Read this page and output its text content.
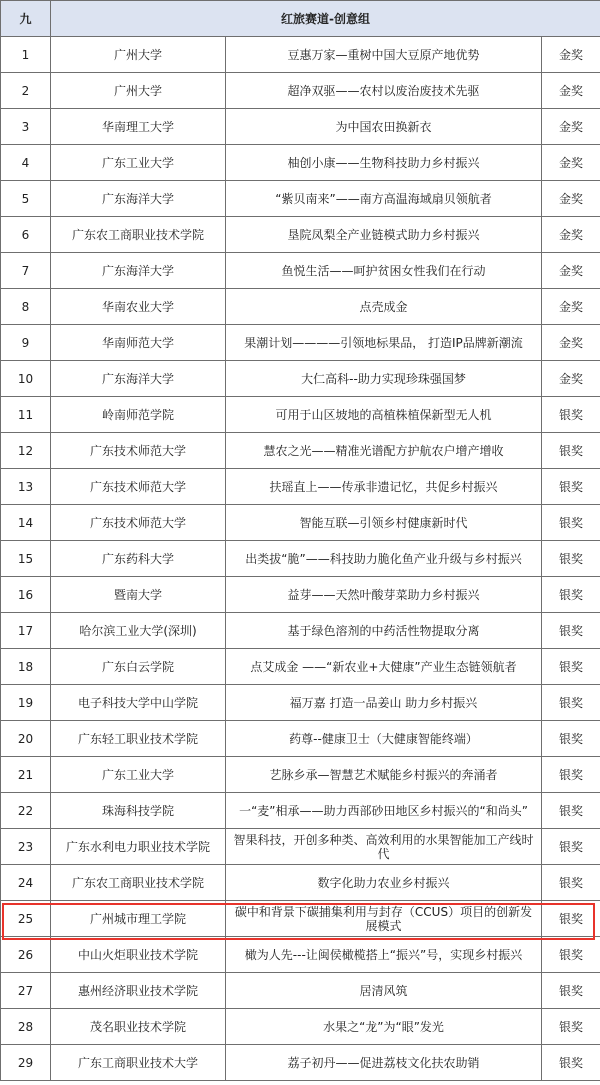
九	红旅赛道-创意组		
1	广州大学	豆惠万家—重树中国大豆原产地优势	金奖
2	广州大学	超净双驱——农村以废治废技术先驱	金奖
3	华南理工大学	为中国农田换新衣	金奖
4	广东工业大学	柚创小康——生物科技助力乡村振兴	金奖
5	广东海洋大学	“紫贝南来”——南方高温海域扇贝领航者	金奖
6	广东农工商职业技术学院	垦院凤梨全产业链模式助力乡村振兴	金奖
7	广东海洋大学	鱼悦生活——呵护贫困女性我们在行动	金奖
8	华南农业大学	点壳成金	金奖
9	华南师范大学	果潮计划————引领地标果品， 打造IP品牌新潮流	金奖
10	广东海洋大学	大仁高科--助力实现珍珠强国梦	金奖
11	岭南师范学院	可用于山区坡地的高植株植保新型无人机	银奖
12	广东技术师范大学	慧农之光——精准光谱配方护航农户增产增收	银奖
13	广东技术师范大学	扶瑶直上——传承非遗记忆，共促乡村振兴	银奖
14	广东技术师范大学	智能互联—引领乡村健康新时代	银奖
15	广东药科大学	出类拔“脆”——科技助力脆化鱼产业升级与乡村振兴	银奖
16	暨南大学	益芽——天然叶酸芽菜助力乡村振兴	银奖
17	哈尔滨工业大学(深圳)	基于绿色溶剂的中药活性物提取分离	银奖
18	广东白云学院	点艾成金 ——“新农业+大健康”产业生态链领航者	银奖
19	电子科技大学中山学院	福万嘉 打造一品姜山 助力乡村振兴	银奖
20	广东轻工职业技术学院	药尊--健康卫士（大健康智能终端）	银奖
21	广东工业大学	艺脉乡承—智慧艺术赋能乡村振兴的奔涌者	银奖
22	珠海科技学院	一“麦”相承——助力西部砂田地区乡村振兴的“和尚头”	银奖
23	广东水利电力职业技术学院	智果科技，开创多种类、高效利用的水果智能加工产线时代	银奖
24	广东农工商职业技术学院	数字化助力农业乡村振兴	银奖
25	广州城市理工学院	碳中和背景下碳捕集利用与封存（CCUS）项目的创新发展模式	银奖
26	中山火炬职业技术学院	橄为人先---让闽侯橄榄搭上“振兴”号，实现乡村振兴	银奖
27	惠州经济职业技术学院	居清风筑	银奖
28	茂名职业技术学院	水果之“龙”为“眼”发光	银奖
29	广东工商职业技术大学	荔子初丹——促进荔枝文化扶农助销	银奖
